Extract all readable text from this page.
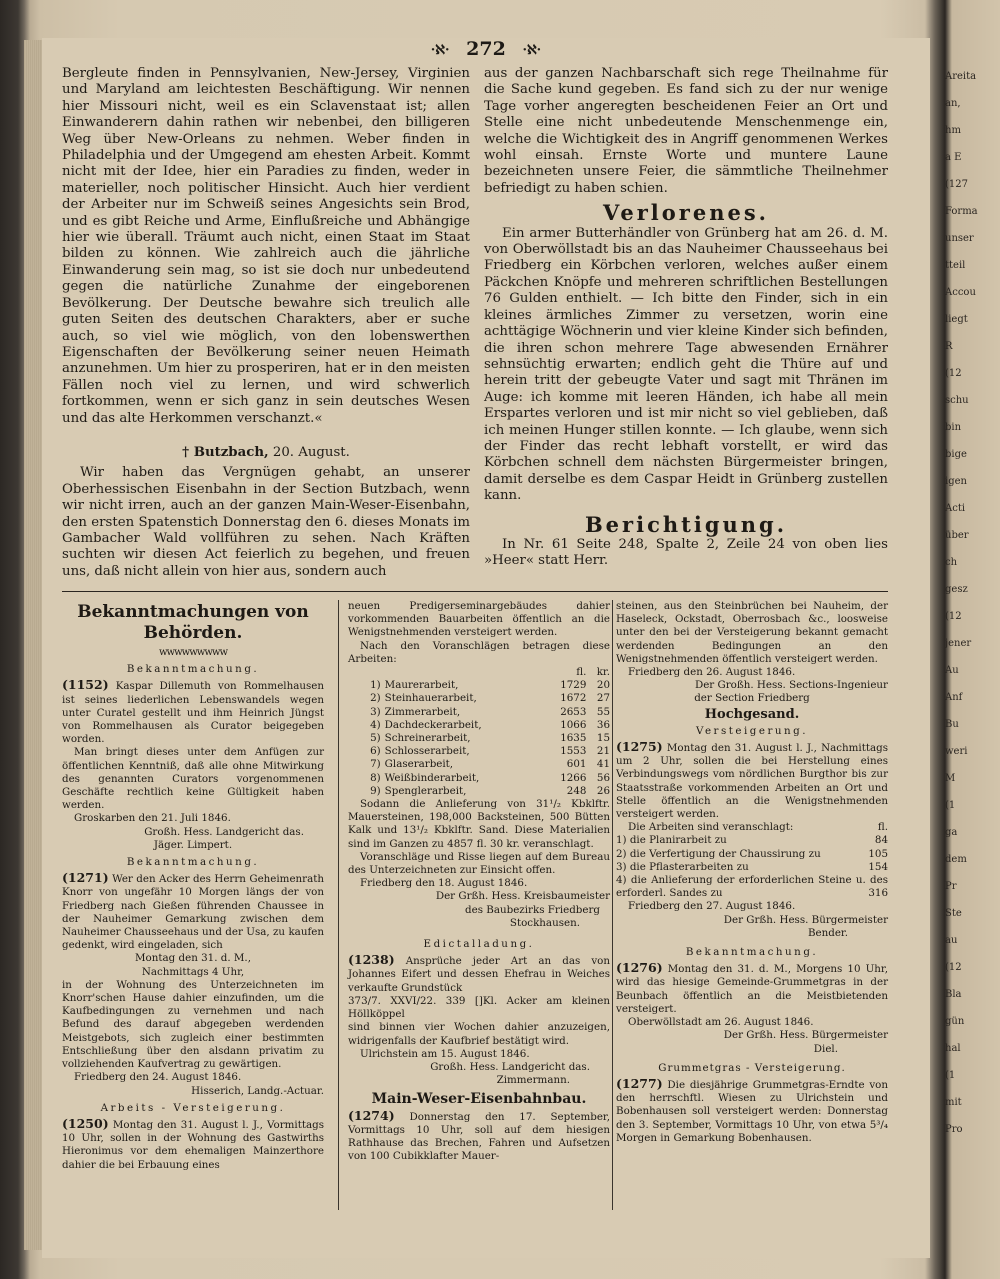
·ℵ· 272 ·ℵ·

Bergleute finden in Pennsylvanien, New-Jersey, Virginien und Maryland am leichtesten Beschäftigung. Wir nennen hier Missouri nicht, weil es ein Sclavenstaat ist; allen Einwanderern dahin rathen wir nebenbei, den billigeren Weg über New-Orleans zu nehmen. Weber finden in Philadelphia und der Umgegend am ehesten Arbeit. Kommt nicht mit der Idee, hier ein Paradies zu finden, weder in materieller, noch politischer Hinsicht. Auch hier verdient der Arbeiter nur im Schweiß seines Angesichts sein Brod, und es gibt Reiche und Arme, Einflußreiche und Abhängige hier wie überall. Träumt auch nicht, einen Staat im Staat bilden zu können. Wie zahlreich auch die jährliche Einwanderung sein mag, so ist sie doch nur unbedeutend gegen die natürliche Zunahme der eingeborenen Bevölkerung. Der Deutsche bewahre sich treulich alle guten Seiten des deutschen Charakters, aber er suche auch, so viel wie möglich, von den lobenswerthen Eigenschaften der Bevölkerung seiner neuen Heimath anzunehmen. Um hier zu prosperiren, hat er in den meisten Fällen noch viel zu lernen, und wird schwerlich fortkommen, wenn er sich ganz in sein deutsches Wesen und das alte Herkommen verschanzt.«

† Butzbach, 20. August.

Wir haben das Vergnügen gehabt, an unserer Oberhessischen Eisenbahn in der Section Butzbach, wenn wir nicht irren, auch an der ganzen Main-Weser-Eisenbahn, den ersten Spatenstich Donnerstag den 6. dieses Monats im Gambacher Wald vollführen zu sehen. Nach Kräften suchten wir diesen Act feierlich zu begehen, und freuen uns, daß nicht allein von hier aus, sondern auch

aus der ganzen Nachbarschaft sich rege Theilnahme für die Sache kund gegeben. Es fand sich zu der nur wenige Tage vorher angeregten bescheidenen Feier an Ort und Stelle eine nicht unbedeutende Menschenmenge ein, welche die Wichtigkeit des in Angriff genommenen Werkes wohl einsah. Ernste Worte und muntere Laune bezeichneten unsere Feier, die sämmtliche Theilnehmer befriedigt zu haben schien.

Verlorenes.

Ein armer Butterhändler von Grünberg hat am 26. d. M. von Oberwöllstadt bis an das Nauheimer Chausseehaus bei Friedberg ein Körbchen verloren, welches außer einem Päckchen Knöpfe und mehreren schriftlichen Bestellungen 76 Gulden enthielt. — Ich bitte den Finder, sich in ein kleines ärmliches Zimmer zu versetzen, worin eine achttägige Wöchnerin und vier kleine Kinder sich befinden, die ihren schon mehrere Tage abwesenden Ernährer sehnsüchtig erwarten; endlich geht die Thüre auf und herein tritt der gebeugte Vater und sagt mit Thränen im Auge: ich komme mit leeren Händen, ich habe all mein Erspartes verloren und ist mir nicht so viel geblieben, daß ich meinen Hunger stillen konnte. — Ich glaube, wenn sich der Finder das recht lebhaft vorstellt, er wird das Körbchen schnell dem nächsten Bürgermeister bringen, damit derselbe es dem Caspar Heidt in Grünberg zustellen kann.

Berichtigung.

In Nr. 61 Seite 248, Spalte 2, Zeile 24 von oben lies »Heer« statt Herr.

Bekanntmachungen von Behörden.
wwwwwwwww
Bekanntmachung.

(1152) Kaspar Dillemuth von Rommelhausen ist seines liederlichen Lebenswandels wegen unter Curatel gestellt und ihm Heinrich Jüngst von Rommelhausen als Curator beigegeben worden.

Man bringt dieses unter dem Anfügen zur öffentlichen Kenntniß, daß alle ohne Mitwirkung des genannten Curators vorgenommenen Geschäfte rechtlich keine Gültigkeit haben werden.

Groskarben den 21. Juli 1846.

Großh. Hess. Landgericht das.
Jäger. Limpert.
Bekanntmachung.

(1271) Wer den Acker des Herrn Geheimenrath Knorr von ungefähr 10 Morgen längs der von Friedberg nach Gießen führenden Chaussee in der Nauheimer Gemarkung zwischen dem Nauheimer Chausseehaus und der Usa, zu kaufen gedenkt, wird eingeladen, sich

Montag den 31. d. M.,
Nachmittags 4 Uhr,

in der Wohnung des Unterzeichneten im Knorr'schen Hause dahier einzufinden, um die Kaufbedingungen zu vernehmen und nach Befund des darauf abgegeben werdenden Meistgebots, sich zugleich einer bestimmten Entschließung über den alsdann privatim zu vollziehenden Kaufvertrag zu gewärtigen.

Friedberg den 24. August 1846.

Hisserich, Landg.-Actuar.
Arbeits - Versteigerung.

(1250) Montag den 31. August l. J., Vormittags 10 Uhr, sollen in der Wohnung des Gastwirths Hieronimus vor dem ehemaligen Mainzerthore dahier die bei Erbauung eines

neuen Predigerseminargebäudes dahier vorkommenden Bauarbeiten öffentlich an die Wenigstnehmenden versteigert werden.

Nach den Voranschlägen betragen diese Arbeiten:

		fl.	kr.
1)	Maurerarbeit,	1729	20
2)	Steinhauerarbeit,	1672	27
3)	Zimmerarbeit,	2653	55
4)	Dachdeckerarbeit,	1066	36
5)	Schreinerarbeit,	1635	15
6)	Schlosserarbeit,	1553	21
7)	Glaserarbeit,	601	41
8)	Weißbinderarbeit,	1266	56
9)	Spenglerarbeit,	248	26

Sodann die Anlieferung von 31¹/₂ Kbklftr. Mauersteinen, 198,000 Backsteinen, 500 Bütten Kalk und 13¹/₂ Kbklftr. Sand. Diese Materialien sind im Ganzen zu 4857 fl. 30 kr. veranschlagt.

Voranschläge und Risse liegen auf dem Bureau des Unterzeichneten zur Einsicht offen.

Friedberg den 18. August 1846.

Der Grßh. Hess. Kreisbaumeister
des Baubezirks Friedberg
Stockhausen.
Edictalladung.

(1238) Ansprüche jeder Art an das von Johannes Eifert und dessen Ehefrau in Weiches verkaufte Grundstück

373/7. XXVI/22. 339 []Kl. Acker am kleinen Höllköppel

sind binnen vier Wochen dahier anzuzeigen, widrigenfalls der Kaufbrief bestätigt wird.

Ulrichstein am 15. August 1846.

Großh. Hess. Landgericht das.
Zimmermann.
Main-Weser-Eisenbahnbau.

(1274) Donnerstag den 17. September, Vormittags 10 Uhr, soll auf dem hiesigen Rathhause das Brechen, Fahren und Aufsetzen von 100 Cubikklafter Mauer-

steinen, aus den Steinbrüchen bei Nauheim, der Haseleck, Ockstadt, Oberrosbach &c., loosweise unter den bei der Versteigerung bekannt gemacht werdenden Bedingungen an den Wenigstnehmenden öffentlich versteigert werden.

Friedberg den 26. August 1846.

Der Großh. Hess. Sections-Ingenieur
der Section Friedberg
Hochgesand.
Versteigerung.

(1275) Montag den 31. August l. J., Nachmittags um 2 Uhr, sollen die bei Herstellung eines Verbindungswegs vom nördlichen Burgthor bis zur Staatsstraße vorkommenden Arbeiten an Ort und Stelle öffentlich an die Wenigstnehmenden versteigert werden.

Die Arbeiten sind veranschlagt:	fl.

1) die Planirarbeit zu	84
2) die Verfertigung der Chaussirung zu	105
3) die Pflasterarbeiten zu	154
4) die Anlieferung der erforderlichen Steine u. des erforderl. Sandes zu	316

Friedberg den 27. August 1846.

Der Grßh. Hess. Bürgermeister
Bender.
Bekanntmachung.

(1276) Montag den 31. d. M., Morgens 10 Uhr, wird das hiesige Gemeinde-Grummetgras in der Beunbach öffentlich an die Meistbietenden versteigert.

Oberwöllstadt am 26. August 1846.

Der Grßh. Hess. Bürgermeister
Diel.
Grummetgras - Versteigerung.

(1277) Die diesjährige Grummetgras-Erndte von den herrschftl. Wiesen zu Ulrichstein und Bobenhausen soll versteigert werden: Donnerstag den 3. September, Vormittags 10 Uhr, von etwa 5³/₄ Morgen in Gemarkung Bobenhausen.

Areita
an,
hm
a E
(127
Forma
unser
tteil
Accou
liegt
R
(12
schu
bin
bige
igen
Acti
über
ch
gesz
(12
jener
Au
Anf
Bu
weri
M
(1
ga
dem
Pr
Ste
au
(12
Bla
gün
hal
(1
mit
Pro
